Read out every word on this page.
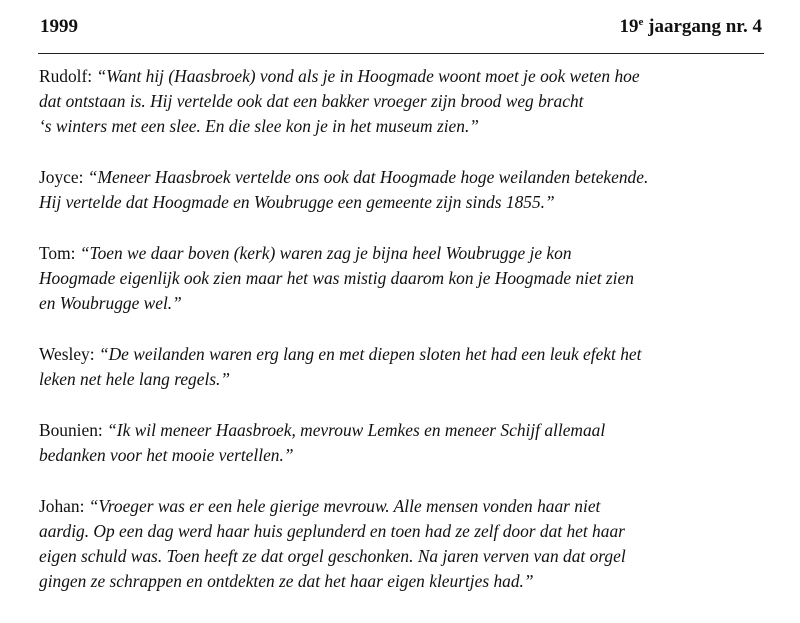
1999	19e jaargang nr. 4

Rudolf: “Want hij (Haasbroek) vond als je in Hoogmade woont moet je ook weten hoe
dat ontstaan is. Hij vertelde ook dat een bakker vroeger zijn brood weg bracht
‘s winters met een slee. En die slee kon je in het museum zien.”

Joyce: “Meneer Haasbroek vertelde ons ook dat Hoogmade hoge weilanden betekende.
Hij vertelde dat Hoogmade en Woubrugge een gemeente zijn sinds 1855.”

Tom: “Toen we daar boven (kerk) waren zag je bijna heel Woubrugge je kon
Hoogmade eigenlijk ook zien maar het was mistig daarom kon je Hoogmade niet zien
en Woubrugge wel.”

Wesley: “De weilanden waren erg lang en met diepen sloten het had een leuk efekt het
leken net hele lang regels.”

Bounien: “Ik wil meneer Haasbroek, mevrouw Lemkes en meneer Schijf allemaal
bedanken voor het mooie vertellen.”

Johan: “Vroeger was er een hele gierige mevrouw. Alle mensen vonden haar niet
aardig. Op een dag werd haar huis geplunderd en toen had ze zelf door dat het haar
eigen schuld was. Toen heeft ze dat orgel geschonken. Na jaren verven van dat orgel
gingen ze schrappen en ontdekten ze dat het haar eigen kleurtjes had.”
